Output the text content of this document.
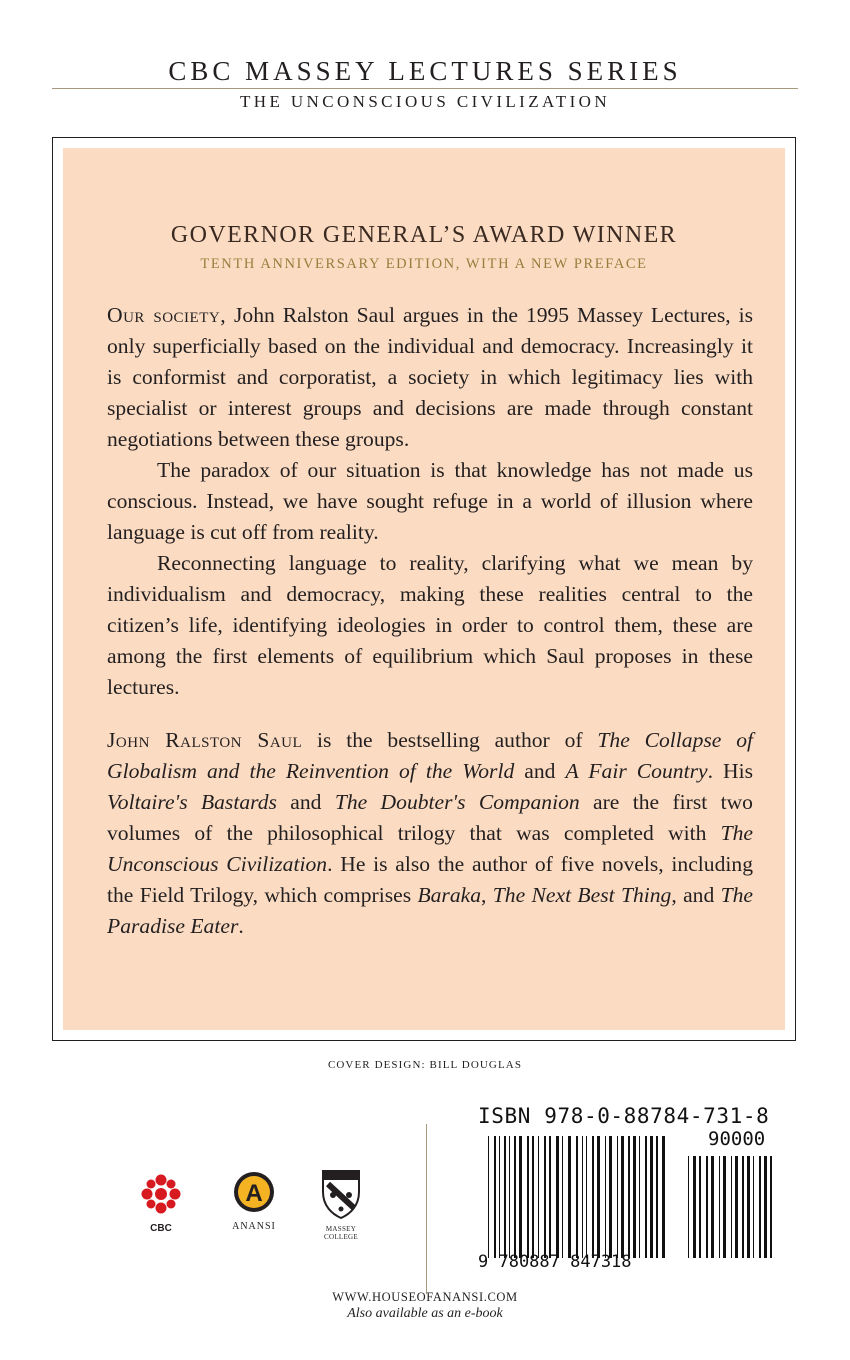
CBC MASSEY LECTURES SERIES
THE UNCONSCIOUS CIVILIZATION
GOVERNOR GENERAL’S AWARD WINNER
TENTH ANNIVERSARY EDITION, WITH A NEW PREFACE

Our society, John Ralston Saul argues in the 1995 Massey Lectures, is only superficially based on the individual and democracy. Increasingly it is conformist and corporatist, a society in which legitimacy lies with specialist or interest groups and decisions are made through constant negotiations between these groups.

The paradox of our situation is that knowledge has not made us conscious. Instead, we have sought refuge in a world of illusion where language is cut off from reality.

Reconnecting language to reality, clarifying what we mean by individualism and democracy, making these realities central to the citizen’s life, identifying ideologies in order to control them, these are among the first elements of equilibrium which Saul proposes in these lectures.

John Ralston Saul is the bestselling author of The Collapse of Globalism and the Reinvention of the World and A Fair Country. His Voltaire's Bastards and The Doubter's Companion are the first two volumes of the philosophical trilogy that was completed with The Unconscious Civilization. He is also the author of five novels, including the Field Trilogy, which comprises Baraka, The Next Best Thing, and The Paradise Eater.

COVER DESIGN: BILL DOUGLAS
CBC
A
ANANSI	MASSEY COLLEGE
ISBN 978-0-88784-731-8
90000
9 780887 847318
WWW.HOUSEOFANANSI.COM
Also available as an e-book
